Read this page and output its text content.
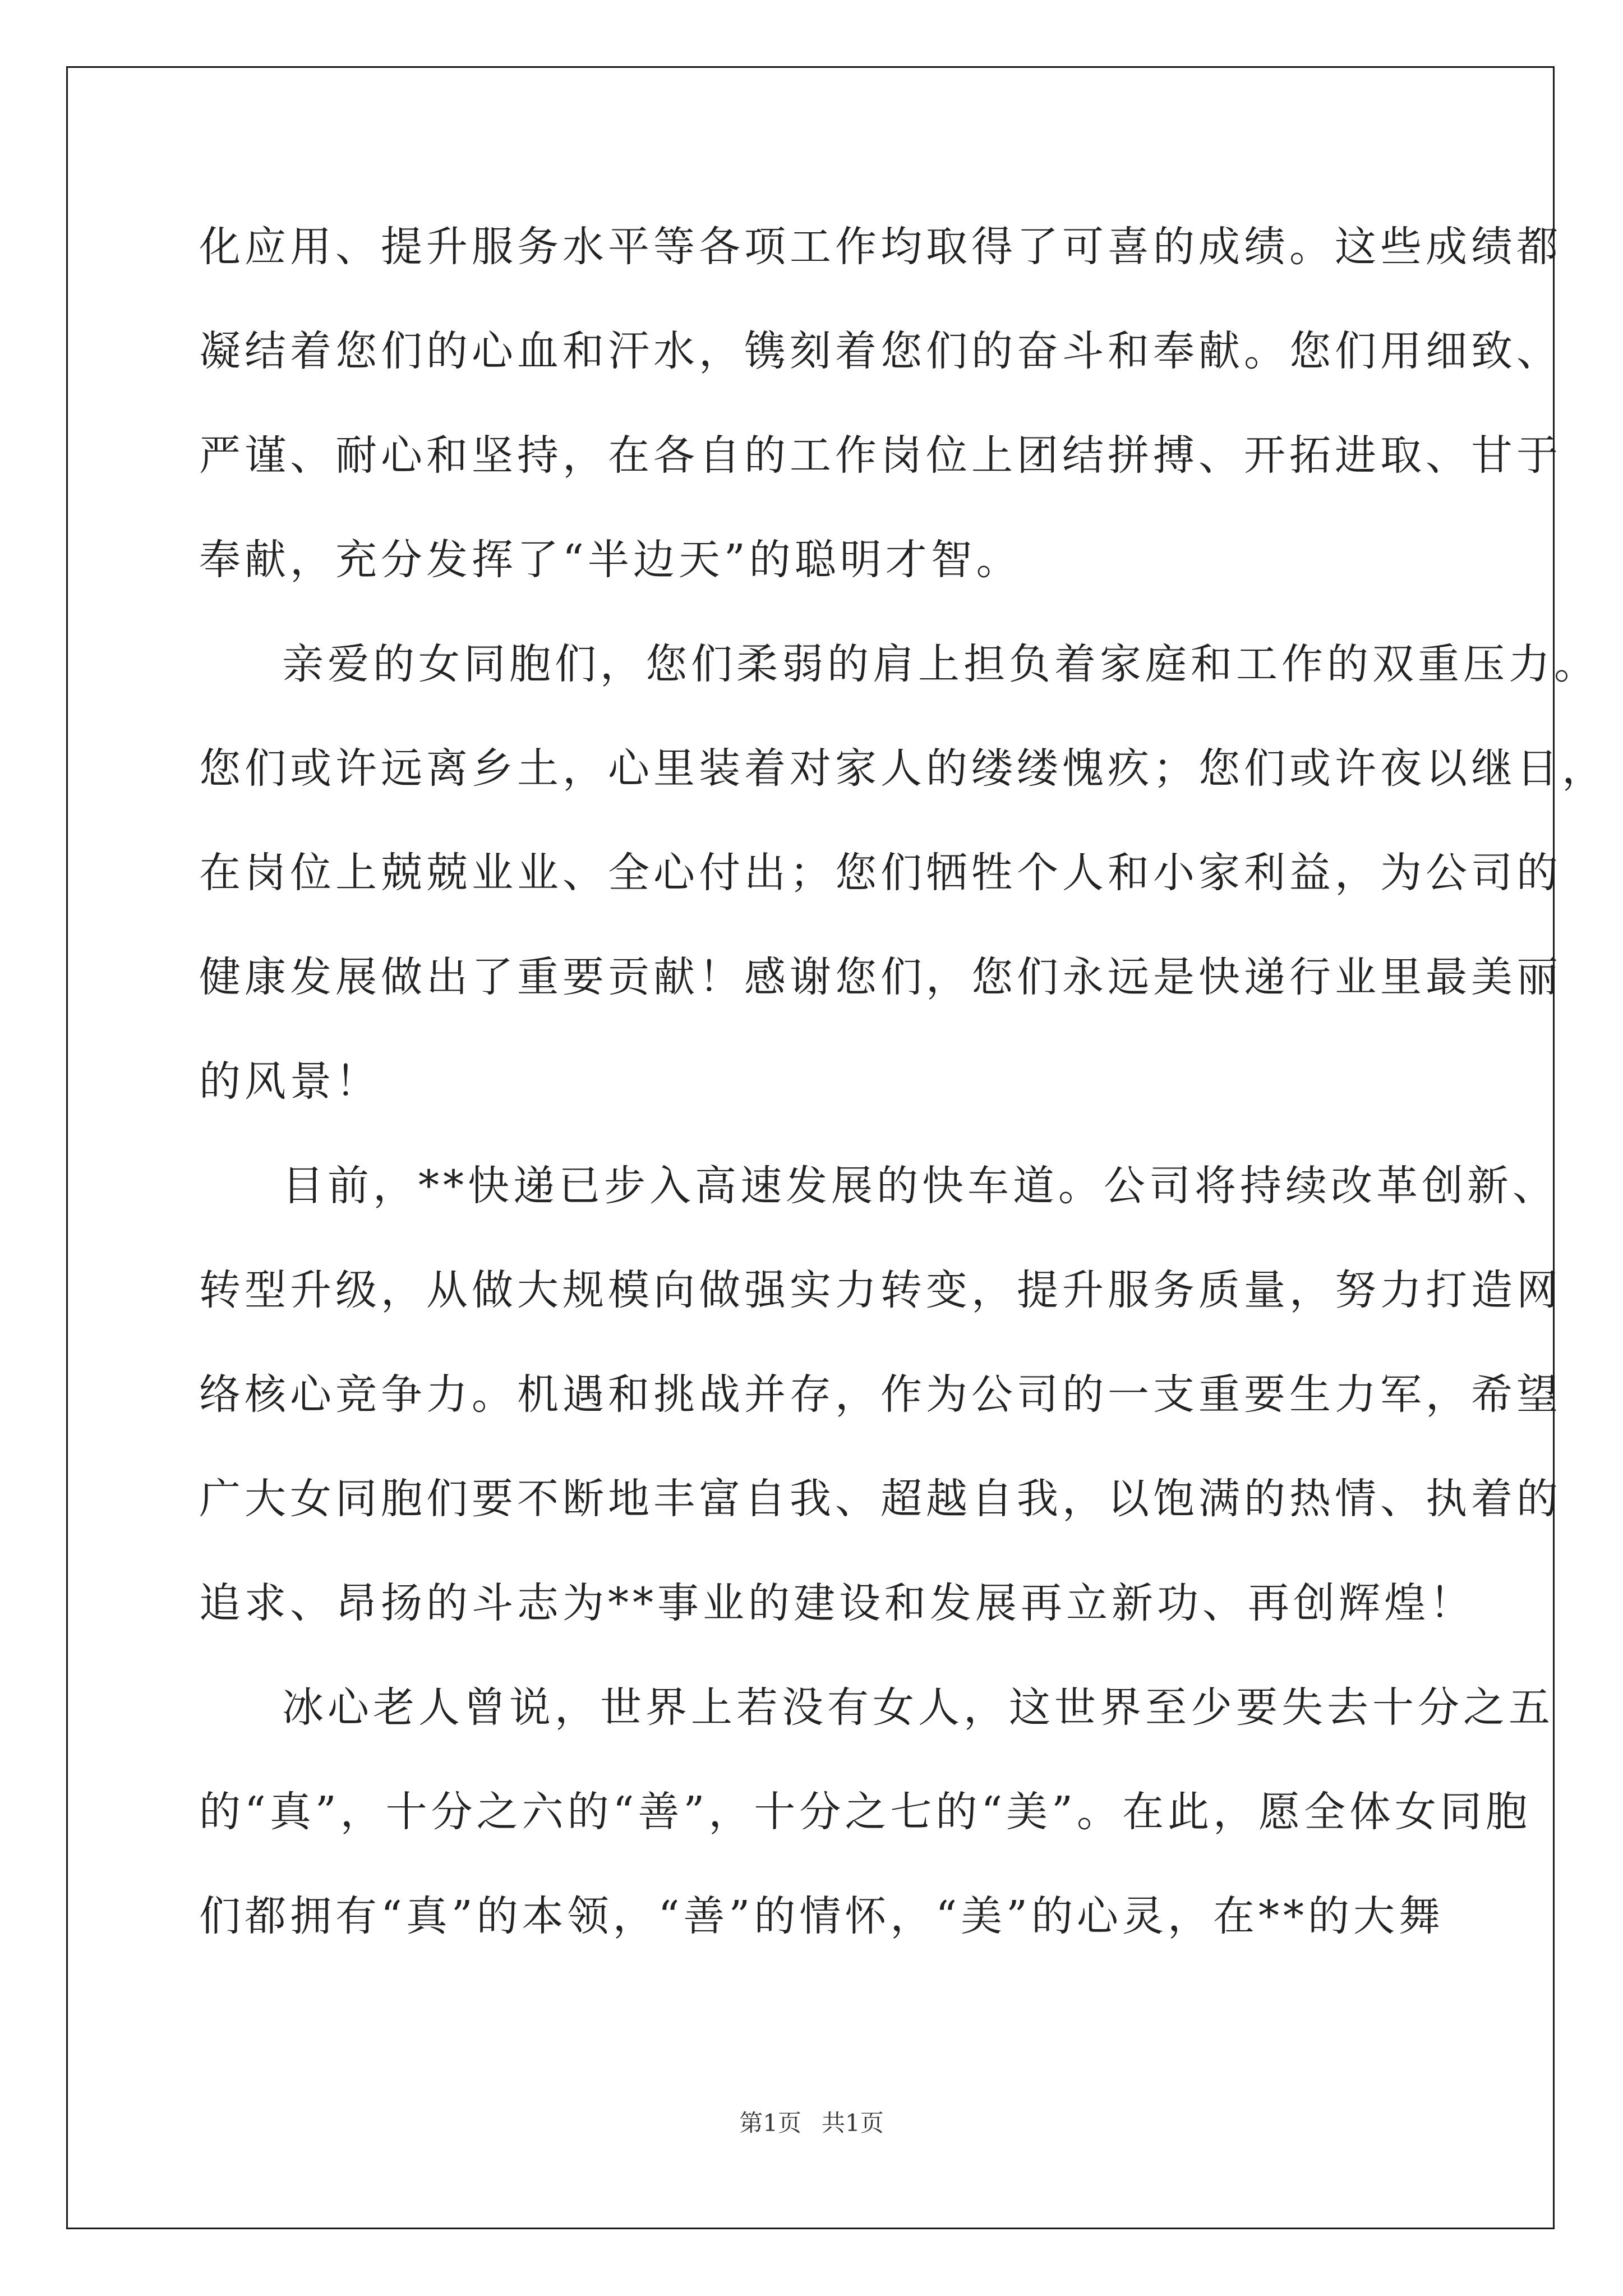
化应用、提升服务水平等各项工作均取得了可喜的成绩。这些成绩都
凝结着您们的心血和汗水，镌刻着您们的奋斗和奉献。您们用细致、
严谨、耐心和坚持，在各自的工作岗位上团结拼搏、开拓进取、甘于
奉献，充分发挥了“半边天”的聪明才智。
亲爱的女同胞们，您们柔弱的肩上担负着家庭和工作的双重压力。
您们或许远离乡土，心里装着对家人的缕缕愧疚；您们或许夜以继日，
在岗位上兢兢业业、全心付出；您们牺牲个人和小家利益，为公司的
健康发展做出了重要贡献！感谢您们，您们永远是快递行业里最美丽
的风景！
目前，**快递已步入高速发展的快车道。公司将持续改革创新、
转型升级，从做大规模向做强实力转变，提升服务质量，努力打造网
络核心竞争力。机遇和挑战并存，作为公司的一支重要生力军，希望
广大女同胞们要不断地丰富自我、超越自我，以饱满的热情、执着的
追求、昂扬的斗志为**事业的建设和发展再立新功、再创辉煌！
冰心老人曾说，世界上若没有女人，这世界至少要失去十分之五
的“真”，十分之六的“善”，十分之七的“美”。在此，愿全体女同胞
们都拥有“真”的本领，“善”的情怀，“美”的心灵，在**的大舞
第1页 共1页
